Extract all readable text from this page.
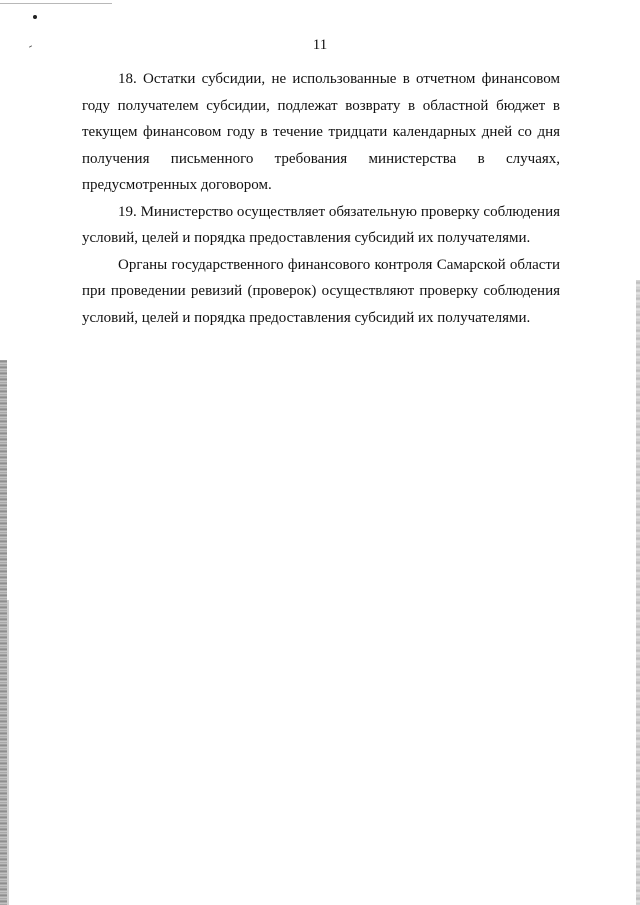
11

18. Остатки субсидии, не использованные в отчетном финансовом
году получателем субсидии, подлежат возврату в областной бюджет в
текущем финансовом году в течение тридцати календарных дней со дня
получения письменного требования министерства в случаях,
предусмотренных договором.

19. Министерство осуществляет обязательную проверку соблюдения
условий, целей и порядка предоставления субсидий их получателями.

Органы государственного финансового контроля Самарской области
при проведении ревизий (проверок) осуществляют проверку соблюдения
условий, целей и порядка предоставления субсидий их получателями.
